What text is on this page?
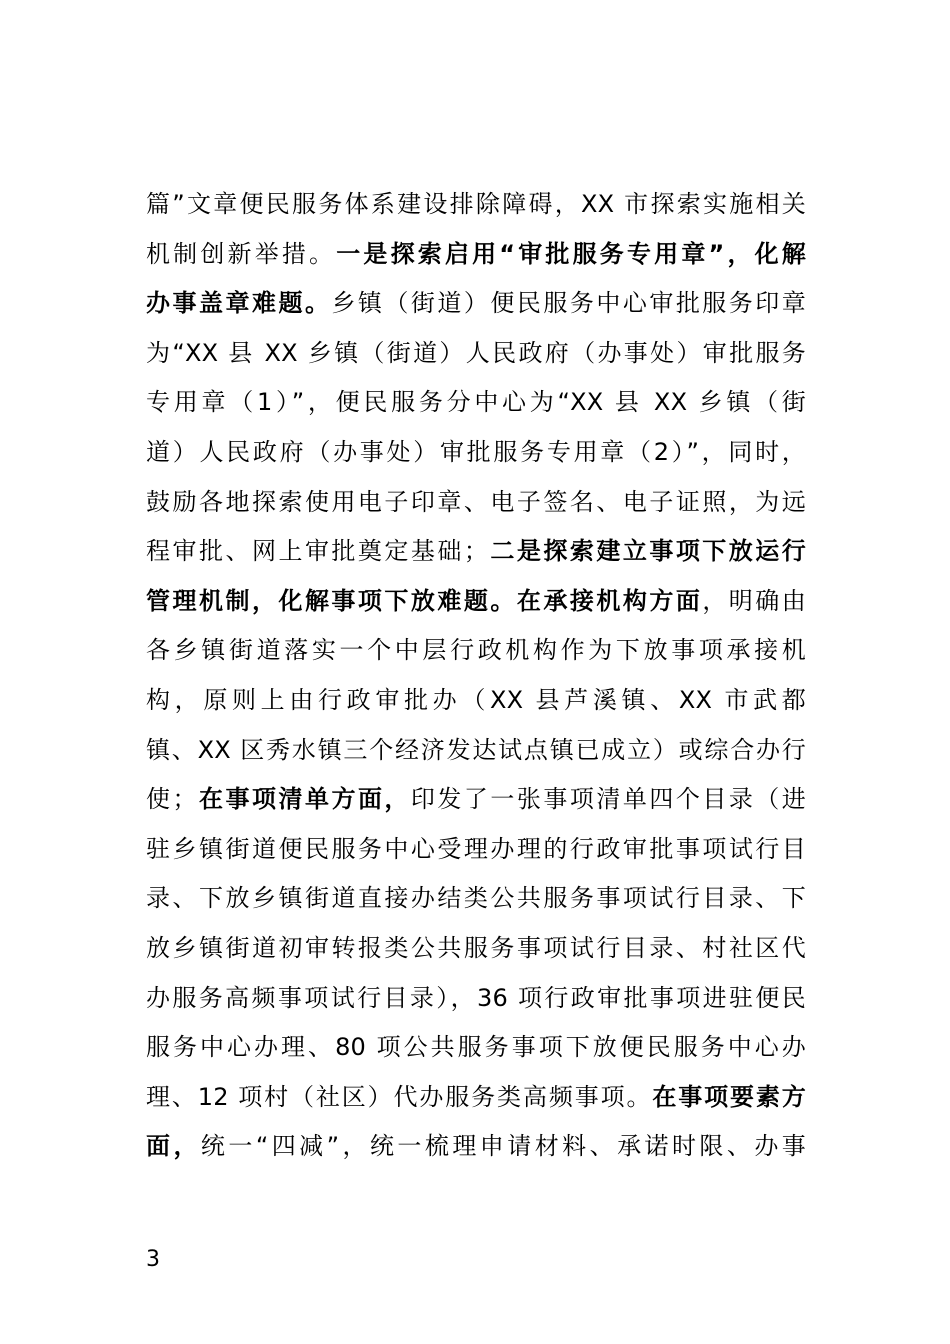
篇”文章便民服务体系建设排除障碍，XX 市探索实施相关
机制创新举措。一是探索启用“审批服务专用章”，化解
办事盖章难题。乡镇（街道）便民服务中心审批服务印章
为“XX 县 XX 乡镇（街道）人民政府（办事处）审批服务
专用章（1）”，便民服务分中心为“XX 县 XX 乡镇（街
道）人民政府（办事处）审批服务专用章（2）”，同时，
鼓励各地探索使用电子印章、电子签名、电子证照，为远
程审批、网上审批奠定基础；二是探索建立事项下放运行
管理机制，化解事项下放难题。在承接机构方面，明确由
各乡镇街道落实一个中层行政机构作为下放事项承接机
构，原则上由行政审批办（XX 县芦溪镇、XX 市武都
镇、XX 区秀水镇三个经济发达试点镇已成立）或综合办行
使；在事项清单方面，印发了一张事项清单四个目录（进
驻乡镇街道便民服务中心受理办理的行政审批事项试行目
录、下放乡镇街道直接办结类公共服务事项试行目录、下
放乡镇街道初审转报类公共服务事项试行目录、村社区代
办服务高频事项试行目录），36 项行政审批事项进驻便民
服务中心办理、80 项公共服务事项下放便民服务中心办
理、12 项村（社区）代办服务类高频事项。在事项要素方
面，统一“四减”，统一梳理申请材料、承诺时限、办事
3
